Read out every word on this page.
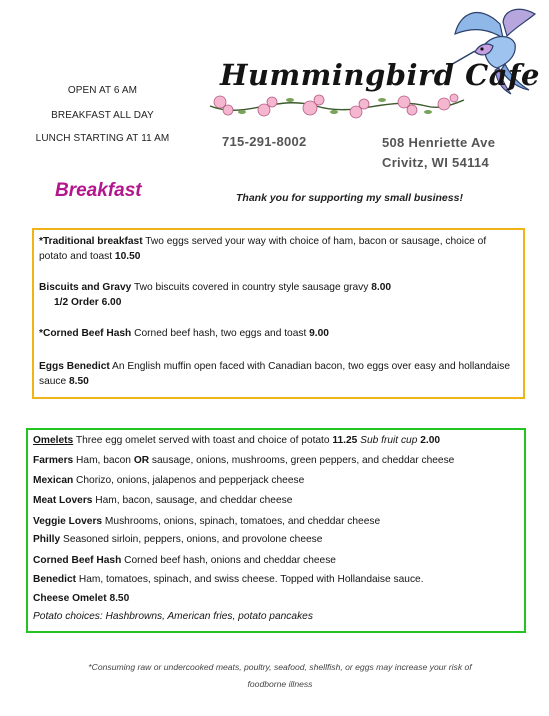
OPEN AT 6 AM
BREAKFAST ALL DAY
LUNCH STARTING AT 11 AM
Hummingbird Cafe
715-291-8002	508 Henriette Ave
Crivitz, WI 54114
Breakfast	Thank you for supporting my small business!
*Traditional breakfast Two eggs served your way with choice of ham, bacon or sausage, choice of potato and toast 10.50
Biscuits and Gravy Two biscuits covered in country style sausage gravy 8.00
1/2 Order 6.00
*Corned Beef Hash Corned beef hash, two eggs and toast 9.00
Eggs Benedict An English muffin open faced with Canadian bacon, two eggs over easy and hollandaise sauce 8.50
Omelets Three egg omelet served with toast and choice of potato 11.25 Sub fruit cup 2.00
Farmers Ham, bacon OR sausage, onions, mushrooms, green peppers, and cheddar cheese
Mexican Chorizo, onions, jalapenos and pepperjack cheese
Meat Lovers Ham, bacon, sausage, and cheddar cheese
Veggie Lovers Mushrooms, onions, spinach, tomatoes, and cheddar cheese
Philly Seasoned sirloin, peppers, onions, and provolone cheese
Corned Beef Hash Corned beef hash, onions and cheddar cheese
Benedict Ham, tomatoes, spinach, and swiss cheese. Topped with Hollandaise sauce.
Cheese Omelet 8.50
Potato choices: Hashbrowns, American fries, potato pancakes
*Consuming raw or undercooked meats, poultry, seafood, shellfish, or eggs may increase your risk of
foodborne illness
